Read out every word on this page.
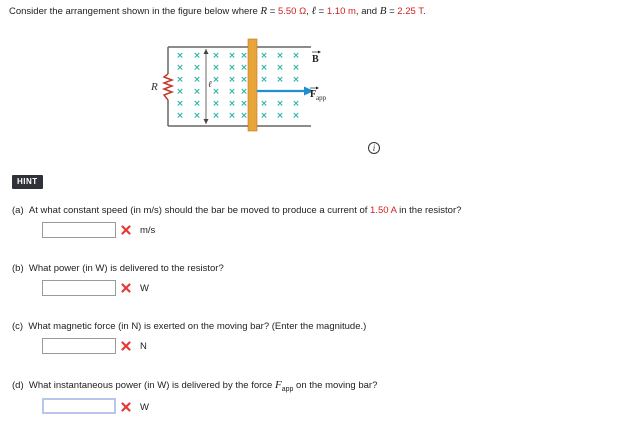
Consider the arrangement shown in the figure below where R = 5.50 Ω, ℓ = 1.10 m, and B = 2.25 T.
× × × × × × × ×
× × × × × × × ×
× × × × × × × ×
× × × × ×
× × × × × × × ×
× × × × × × × ×
R	ℓ
B
F app
i
HINT
(a) At what constant speed (in m/s) should the bar be moved to produce a current of 1.50 A in the resistor?
m/s
(b) What power (in W) is delivered to the resistor?
W
(c) What magnetic force (in N) is exerted on the moving bar? (Enter the magnitude.)
N
(d) What instantaneous power (in W) is delivered by the force $F_{app}$ on the moving bar?
W
